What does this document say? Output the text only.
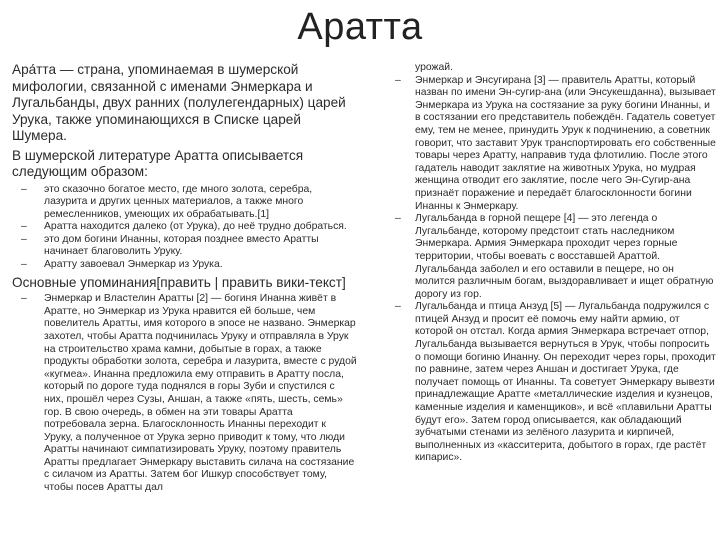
Аратта

Ара́тта — страна, упоминаемая в шумерской мифологии, связанной с именами Энмеркара и Лугальбанды, двух ранних (полулегендарных) царей Урука, также упоминающихся в Списке царей Шумера.

В шумерской литературе Аратта описывается следующим образом:

– это сказочно богатое место, где много золота, серебра, лазурита и других ценных материалов, а также много ремесленников, умеющих их обрабатывать.[1]
– Аратта находится далеко (от Урука), до неё трудно добраться.
– это дом богини Инанны, которая позднее вместо Аратты начинает благоволить Уруку.
– Аратту завоевал Энмеркар из Урука.

Основные упоминания[править | править вики-текст]

– Энмеркар и Властелин Аратты [2] — богиня Инанна живёт в Аратте, но Энмеркар из Урука нравится ей больше, чем повелитель Аратты, имя которого в эпосе не названо. Энмеркар захотел, чтобы Аратта подчинилась Уруку и отправляла в Урук на строительство храма камни, добытые в горах, а также продукты обработки золота, серебра и лазурита, вместе с рудой «кугмеа». Инанна предложила ему отправить в Аратту посла, который по дороге туда поднялся в горы Зуби и спустился с них, прошёл через Сузы, Аншан, а также «пять, шесть, семь» гор. В свою очередь, в обмен на эти товары Аратта потребовала зерна. Благосклонность Инанны переходит к Уруку, а полученное от Урука зерно приводит к тому, что люди Аратты начинают симпатизировать Уруку, поэтому правитель Аратты предлагает Энмеркару выставить силача на состязание с силачом из Аратты. Затем бог Ишкур способствует тому, чтобы посев Аратты дал
урожай.
– Энмеркар и Энсугирана [3] — правитель Аратты, который назван по имени Эн-сугир-ана (или Энсукешданна), вызывает Энмеркара из Урука на состязание за руку богини Инанны, и в состязании его представитель побеждён. Гадатель советует ему, тем не менее, принудить Урук к подчинению, а советник говорит, что заставит Урук транспортировать его собственные товары через Аратту, направив туда флотилию. После этого гадатель наводит заклятие на животных Урука, но мудрая женщина отводит его заклятие, после чего Эн-Сугир-ана признаёт поражение и передаёт благосклонности богини Инанны к Энмеркару.
– Лугальбанда в горной пещере [4] — это легенда о Лугальбанде, которому предстоит стать наследником Энмеркара. Армия Энмеркара проходит через горные территории, чтобы воевать с восставшей Араттой. Лугальбанда заболел и его оставили в пещере, но он молится различным богам, выздоравливает и ищет обратную дорогу из гор.
– Лугальбанда и птица Анзуд [5] — Лугальбанда подружился с птицей Анзуд и просит её помочь ему найти армию, от которой он отстал. Когда армия Энмеркара встречает отпор, Лугальбанда вызывается вернуться в Урук, чтобы попросить о помощи богиню Инанну. Он переходит через горы, проходит по равнине, затем через Аншан и достигает Урука, где получает помощь от Инанны. Та советует Энмеркару вывезти принадлежащие Аратте «металлические изделия и кузнецов, каменные изделия и каменщиков», и всё «плавильни Аратты будут его». Затем город описывается, как обладающий зубчатыми стенами из зелёного лазурита и кирпичей, выполненных из «касситерита, добытого в горах, где растёт кипарис».
